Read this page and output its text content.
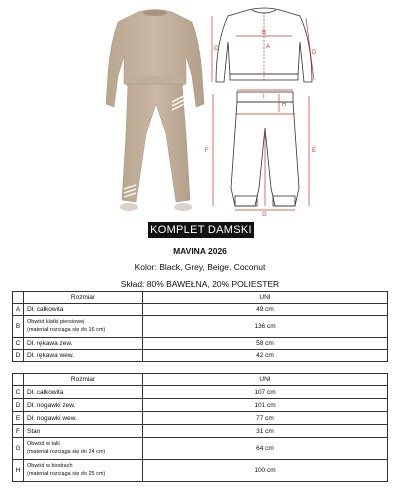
B
A
C
D
I
H
F	E
G
KOMPLET DAMSKI
MAVINA 2026
Kolor: Black, Grey, Beige, Coconut
Skład: 80% BAWEŁNA, 20% POLIESTER
	Rozmiar	UNI
A	Dł. całkowita	49 cm
B	Obwód klatki piersiowej
(materiał rozciąga się do 16 cm)	136 cm
C	Dł. rękawa zew.	58 cm
D	Dł. rękawa wew.	42 cm
	Rozmiar	UNI
C	Dł. całkowita	107 cm
D	Dł. nogawki zew.	101 cm
E	Dł. nogawki wew.	77 cm
F	Stan	31 cm
G	Obwód w talii
(materiał rozciąga się do 24 cm)	64 cm
H	Obwód w biodrach
(materiał rozciąga się do 25 cm)	100 cm
